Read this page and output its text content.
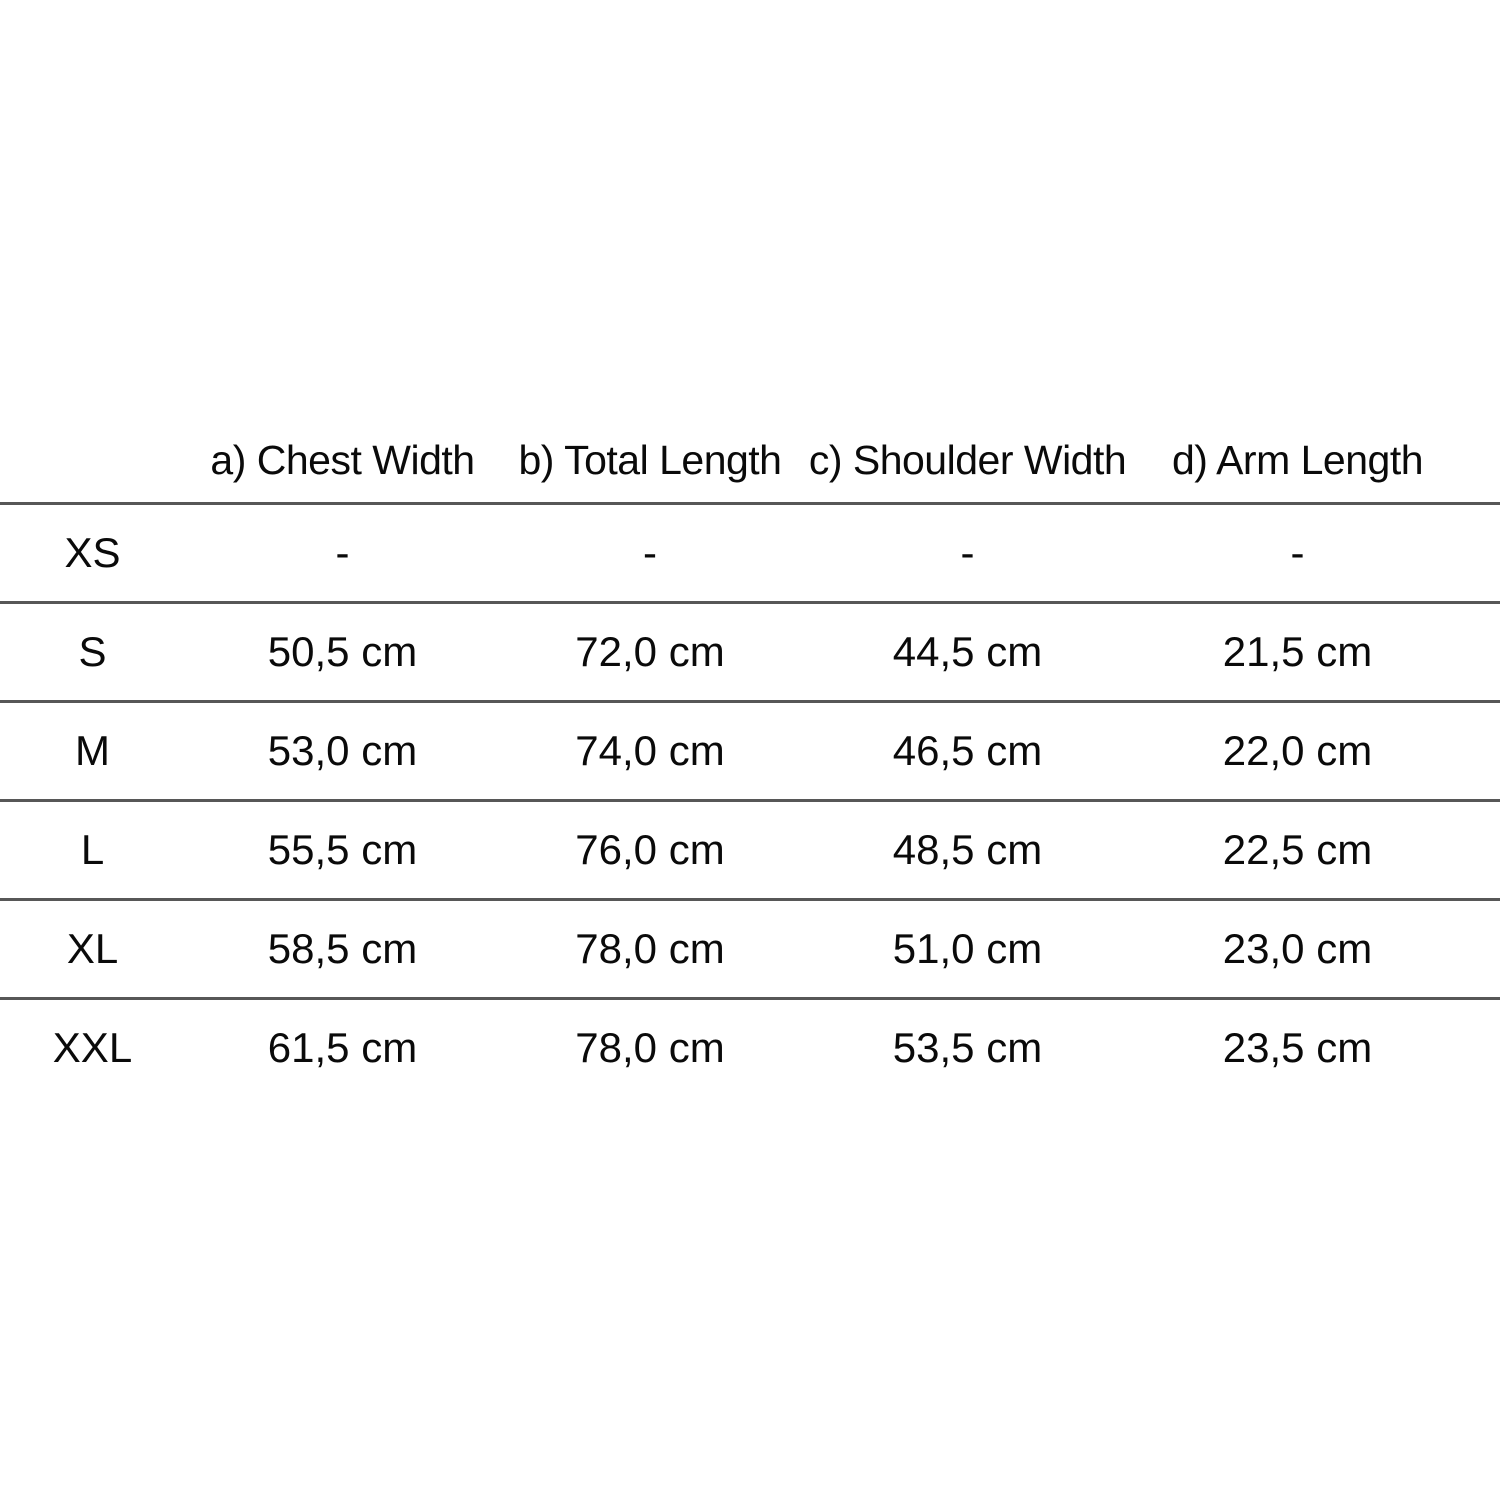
	a) Chest Width	b) Total Length	c) Shoulder Width	d) Arm Length	
XS	-	-	-	-	
S	50,5 cm	72,0 cm	44,5 cm	21,5 cm	
M	53,0 cm	74,0 cm	46,5 cm	22,0 cm	
L	55,5 cm	76,0 cm	48,5 cm	22,5 cm	
XL	58,5 cm	78,0 cm	51,0 cm	23,0 cm	
XXL	61,5 cm	78,0 cm	53,5 cm	23,5 cm	
